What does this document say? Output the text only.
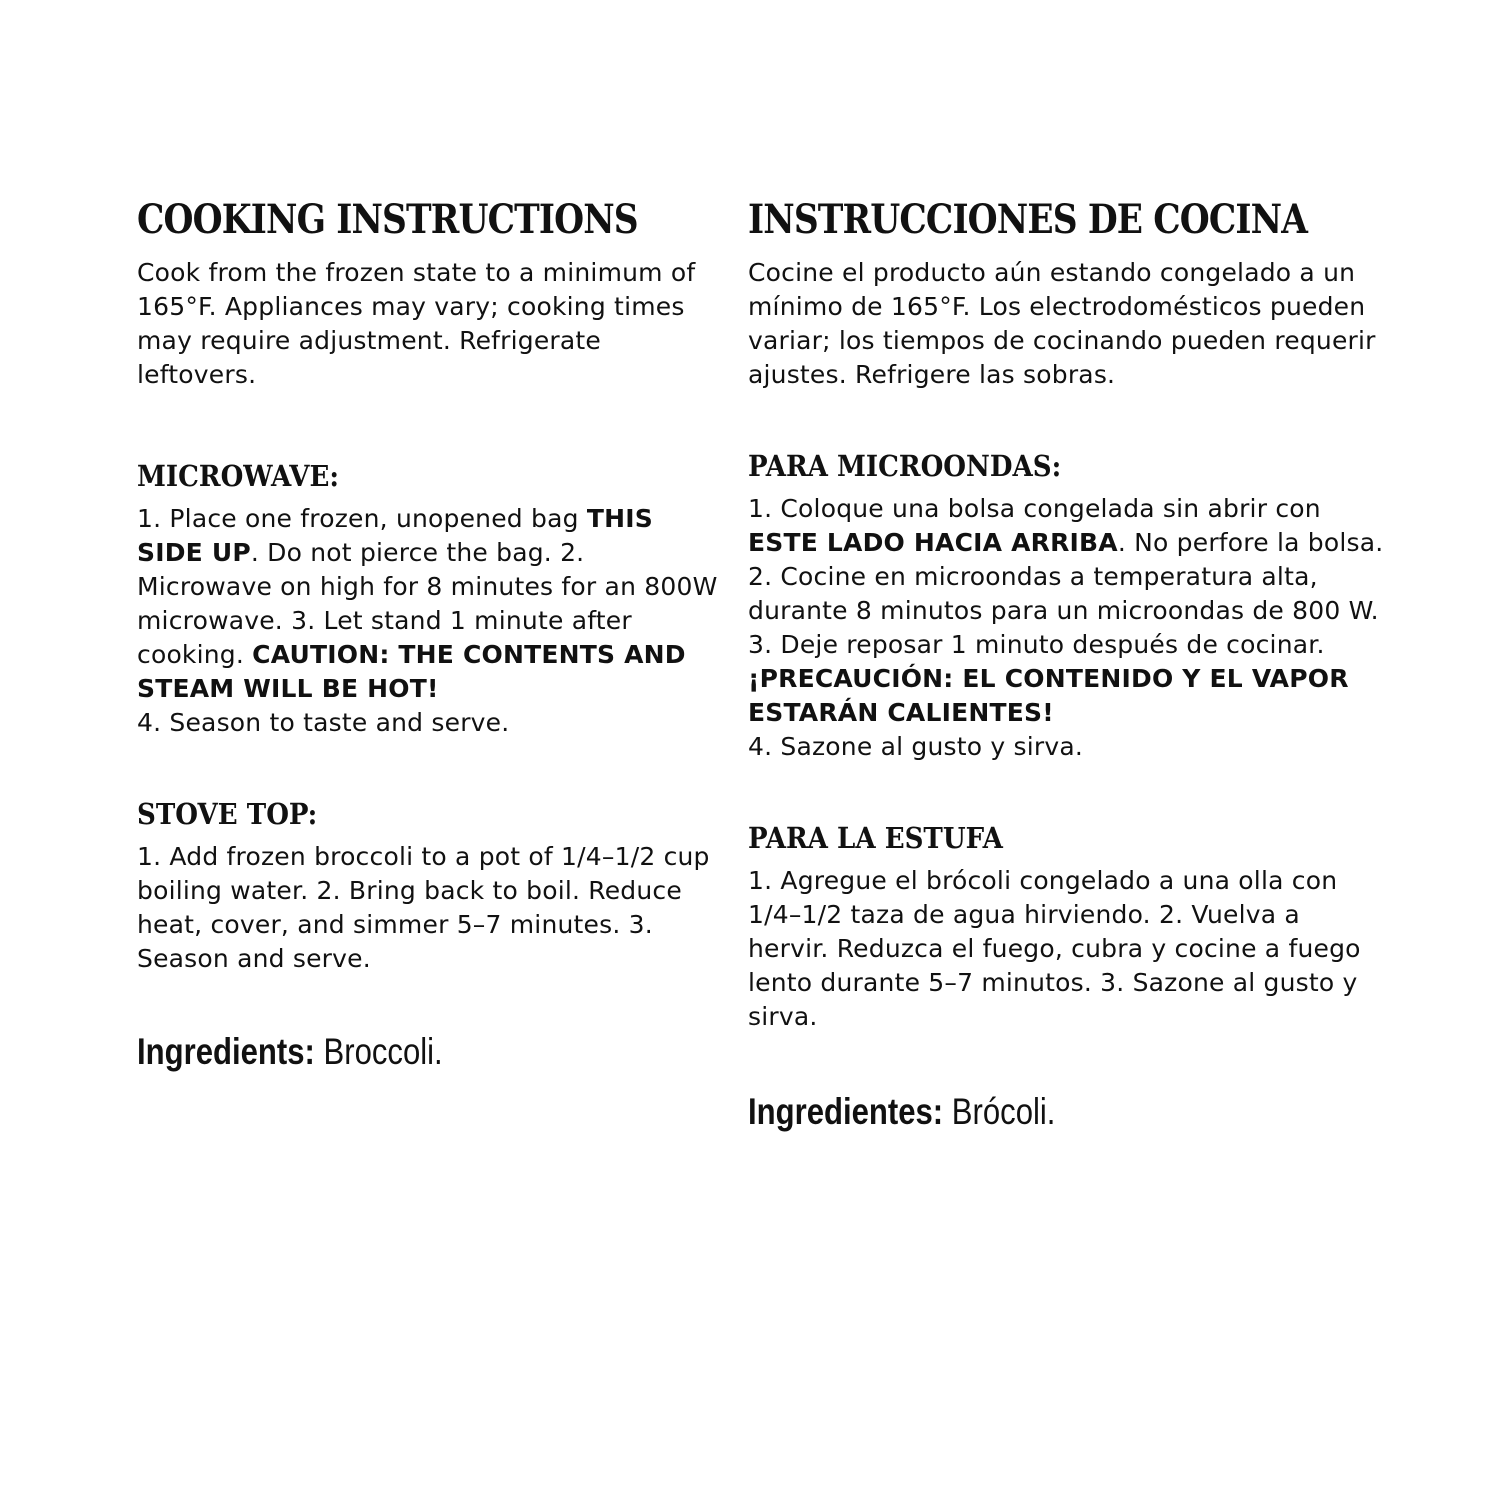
COOKING INSTRUCTIONS

Cook from the frozen state to a minimum of 165°F. Appliances may vary; cooking times may require adjustment. Refrigerate leftovers.

MICROWAVE:

1. Place one frozen, unopened bag THIS SIDE UP. Do not pierce the bag. 2. Microwave on high for 8 minutes for an 800W microwave. 3. Let stand 1 minute after cooking. CAUTION: THE CONTENTS AND STEAM WILL BE HOT!
4. Season to taste and serve.

STOVE TOP:

1. Add frozen broccoli to a pot of 1/4–1/2 cup boiling water. 2. Bring back to boil. Reduce heat, cover, and simmer 5–7 minutes. 3. Season and serve.

Ingredients: Broccoli.

INSTRUCCIONES DE COCINA

Cocine el producto aún estando congelado a un mínimo de 165°F. Los electrodomésticos pueden variar; los tiempos de cocinando pueden requerir ajustes. Refrigere las sobras.

PARA MICROONDAS:

1. Coloque una bolsa congelada sin abrir con ESTE LADO HACIA ARRIBA. No perfore la bolsa. 2. Cocine en microondas a temperatura alta, durante 8 minutos para un microondas de 800 W. 3. Deje reposar 1 minuto después de cocinar. ¡PRECAUCIÓN: EL CONTENIDO Y EL VAPOR ESTARÁN CALIENTES!
4. Sazone al gusto y sirva.

PARA LA ESTUFA

1. Agregue el brócoli congelado a una olla con 1/4–1/2 taza de agua hirviendo. 2. Vuelva a hervir. Reduzca el fuego, cubra y cocine a fuego lento durante 5–7 minutos. 3. Sazone al gusto y sirva.

Ingredientes: Brócoli.
